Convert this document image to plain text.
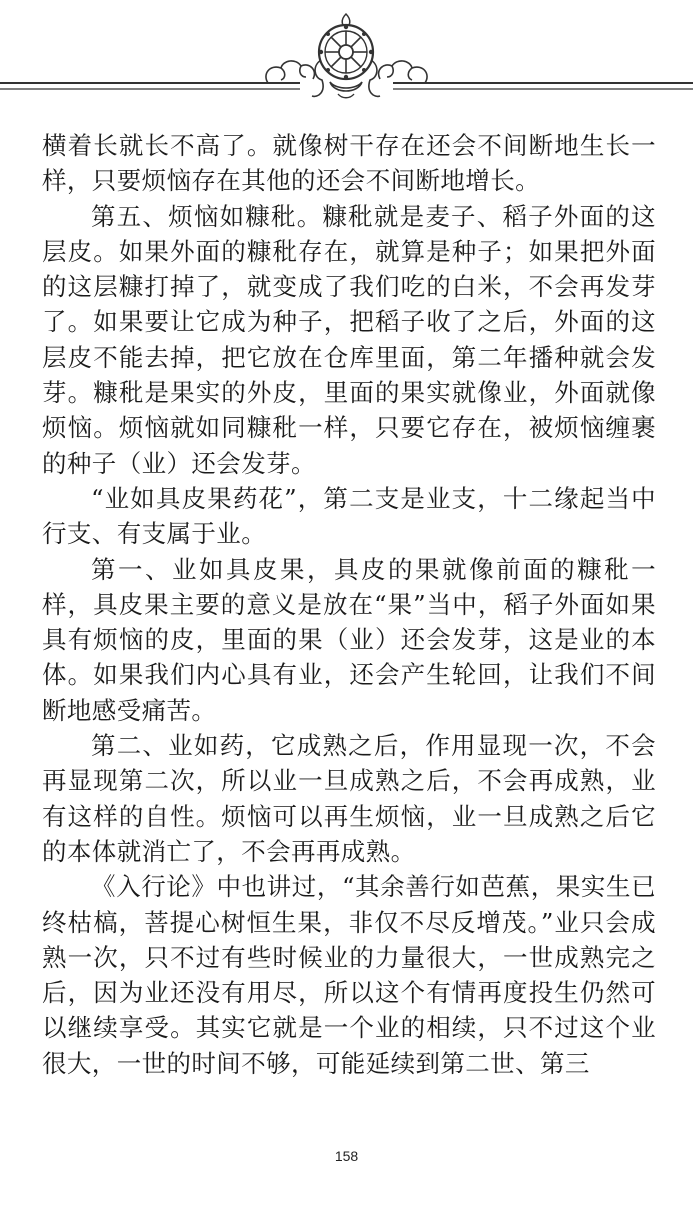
横着长就长不高了。就像树干存在还会不间断地生长一样，只要烦恼存在其他的还会不间断地增长。

第五、烦恼如糠秕。糠秕就是麦子、稻子外面的这层皮。如果外面的糠秕存在，就算是种子；如果把外面的这层糠打掉了，就变成了我们吃的白米，不会再发芽了。如果要让它成为种子，把稻子收了之后，外面的这层皮不能去掉，把它放在仓库里面，第二年播种就会发芽。糠秕是果实的外皮，里面的果实就像业，外面就像烦恼。烦恼就如同糠秕一样，只要它存在，被烦恼缠裹的种子（业）还会发芽。

“业如具皮果药花”，第二支是业支，十二缘起当中行支、有支属于业。

第一、业如具皮果，具皮的果就像前面的糠秕一样，具皮果主要的意义是放在“果”当中，稻子外面如果具有烦恼的皮，里面的果（业）还会发芽，这是业的本体。如果我们内心具有业，还会产生轮回，让我们不间断地感受痛苦。

第二、业如药，它成熟之后，作用显现一次，不会再显现第二次，所以业一旦成熟之后，不会再成熟，业有这样的自性。烦恼可以再生烦恼，业一旦成熟之后它的本体就消亡了，不会再再成熟。

《入行论》中也讲过，“其余善行如芭蕉，果实生已终枯槁，菩提心树恒生果，非仅不尽反增茂。”业只会成熟一次，只不过有些时候业的力量很大，一世成熟完之后，因为业还没有用尽，所以这个有情再度投生仍然可以继续享受。其实它就是一个业的相续，只不过这个业很大，一世的时间不够，可能延续到第二世、第三

158
